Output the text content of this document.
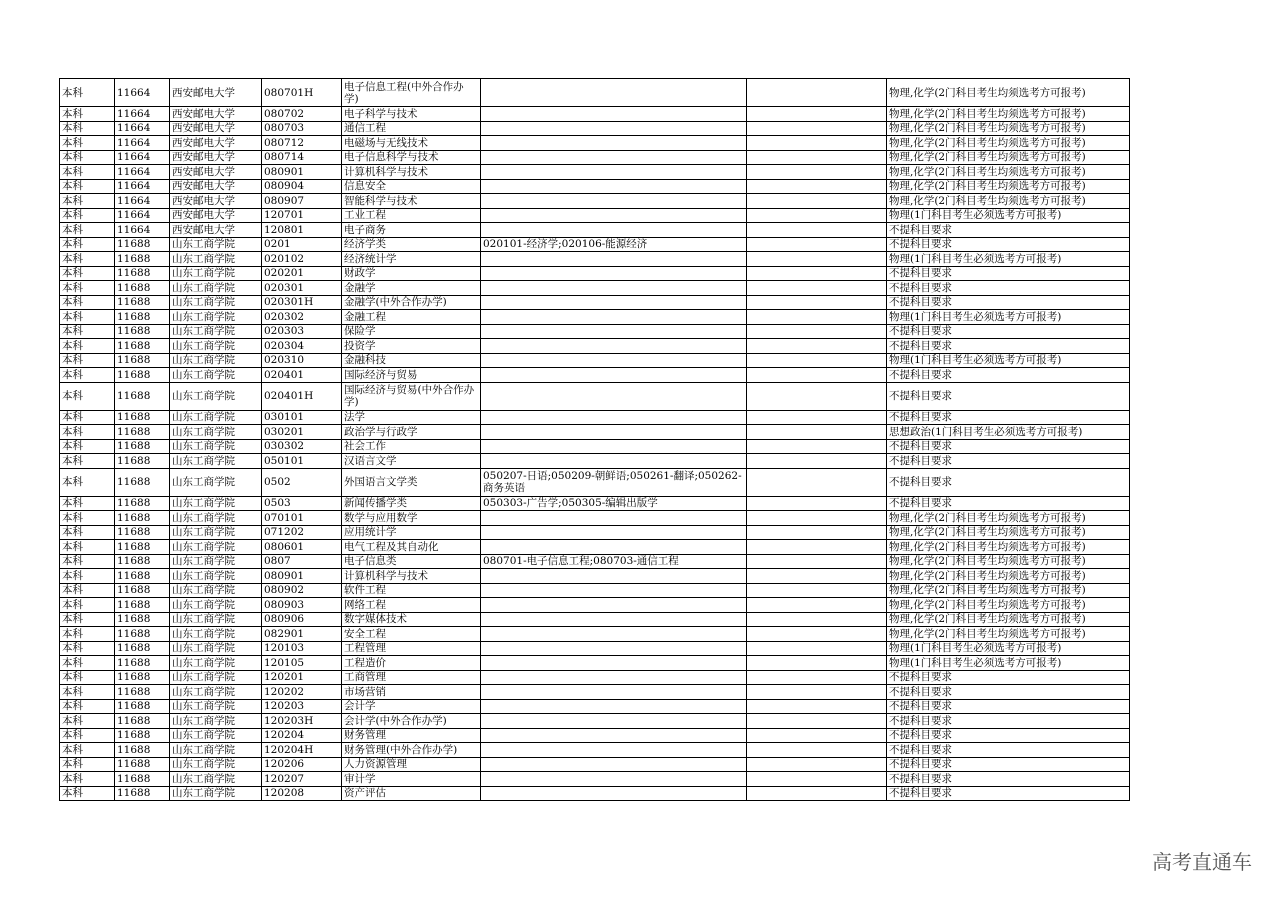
本科	11664	西安邮电大学	080701H	电子信息工程(中外合作办学)			物理,化学(2门科目考生均须选考方可报考)
本科	11664	西安邮电大学	080702	电子科学与技术			物理,化学(2门科目考生均须选考方可报考)
本科	11664	西安邮电大学	080703	通信工程			物理,化学(2门科目考生均须选考方可报考)
本科	11664	西安邮电大学	080712	电磁场与无线技术			物理,化学(2门科目考生均须选考方可报考)
本科	11664	西安邮电大学	080714	电子信息科学与技术			物理,化学(2门科目考生均须选考方可报考)
本科	11664	西安邮电大学	080901	计算机科学与技术			物理,化学(2门科目考生均须选考方可报考)
本科	11664	西安邮电大学	080904	信息安全			物理,化学(2门科目考生均须选考方可报考)
本科	11664	西安邮电大学	080907	智能科学与技术			物理,化学(2门科目考生均须选考方可报考)
本科	11664	西安邮电大学	120701	工业工程			物理(1门科目考生必须选考方可报考)
本科	11664	西安邮电大学	120801	电子商务			不提科目要求
本科	11688	山东工商学院	0201	经济学类	020101-经济学;020106-能源经济		不提科目要求
本科	11688	山东工商学院	020102	经济统计学			物理(1门科目考生必须选考方可报考)
本科	11688	山东工商学院	020201	财政学			不提科目要求
本科	11688	山东工商学院	020301	金融学			不提科目要求
本科	11688	山东工商学院	020301H	金融学(中外合作办学)			不提科目要求
本科	11688	山东工商学院	020302	金融工程			物理(1门科目考生必须选考方可报考)
本科	11688	山东工商学院	020303	保险学			不提科目要求
本科	11688	山东工商学院	020304	投资学			不提科目要求
本科	11688	山东工商学院	020310	金融科技			物理(1门科目考生必须选考方可报考)
本科	11688	山东工商学院	020401	国际经济与贸易			不提科目要求
本科	11688	山东工商学院	020401H	国际经济与贸易(中外合作办学)			不提科目要求
本科	11688	山东工商学院	030101	法学			不提科目要求
本科	11688	山东工商学院	030201	政治学与行政学			思想政治(1门科目考生必须选考方可报考)
本科	11688	山东工商学院	030302	社会工作			不提科目要求
本科	11688	山东工商学院	050101	汉语言文学			不提科目要求
本科	11688	山东工商学院	0502	外国语言文学类	050207-日语;050209-朝鲜语;050261-翻译;050262-商务英语		不提科目要求
本科	11688	山东工商学院	0503	新闻传播学类	050303-广告学;050305-编辑出版学		不提科目要求
本科	11688	山东工商学院	070101	数学与应用数学			物理,化学(2门科目考生均须选考方可报考)
本科	11688	山东工商学院	071202	应用统计学			物理,化学(2门科目考生均须选考方可报考)
本科	11688	山东工商学院	080601	电气工程及其自动化			物理,化学(2门科目考生均须选考方可报考)
本科	11688	山东工商学院	0807	电子信息类	080701-电子信息工程;080703-通信工程		物理,化学(2门科目考生均须选考方可报考)
本科	11688	山东工商学院	080901	计算机科学与技术			物理,化学(2门科目考生均须选考方可报考)
本科	11688	山东工商学院	080902	软件工程			物理,化学(2门科目考生均须选考方可报考)
本科	11688	山东工商学院	080903	网络工程			物理,化学(2门科目考生均须选考方可报考)
本科	11688	山东工商学院	080906	数字媒体技术			物理,化学(2门科目考生均须选考方可报考)
本科	11688	山东工商学院	082901	安全工程			物理,化学(2门科目考生均须选考方可报考)
本科	11688	山东工商学院	120103	工程管理			物理(1门科目考生必须选考方可报考)
本科	11688	山东工商学院	120105	工程造价			物理(1门科目考生必须选考方可报考)
本科	11688	山东工商学院	120201	工商管理			不提科目要求
本科	11688	山东工商学院	120202	市场营销			不提科目要求
本科	11688	山东工商学院	120203	会计学			不提科目要求
本科	11688	山东工商学院	120203H	会计学(中外合作办学)			不提科目要求
本科	11688	山东工商学院	120204	财务管理			不提科目要求
本科	11688	山东工商学院	120204H	财务管理(中外合作办学)			不提科目要求
本科	11688	山东工商学院	120206	人力资源管理			不提科目要求
本科	11688	山东工商学院	120207	审计学			不提科目要求
本科	11688	山东工商学院	120208	资产评估			不提科目要求
高考直通车
